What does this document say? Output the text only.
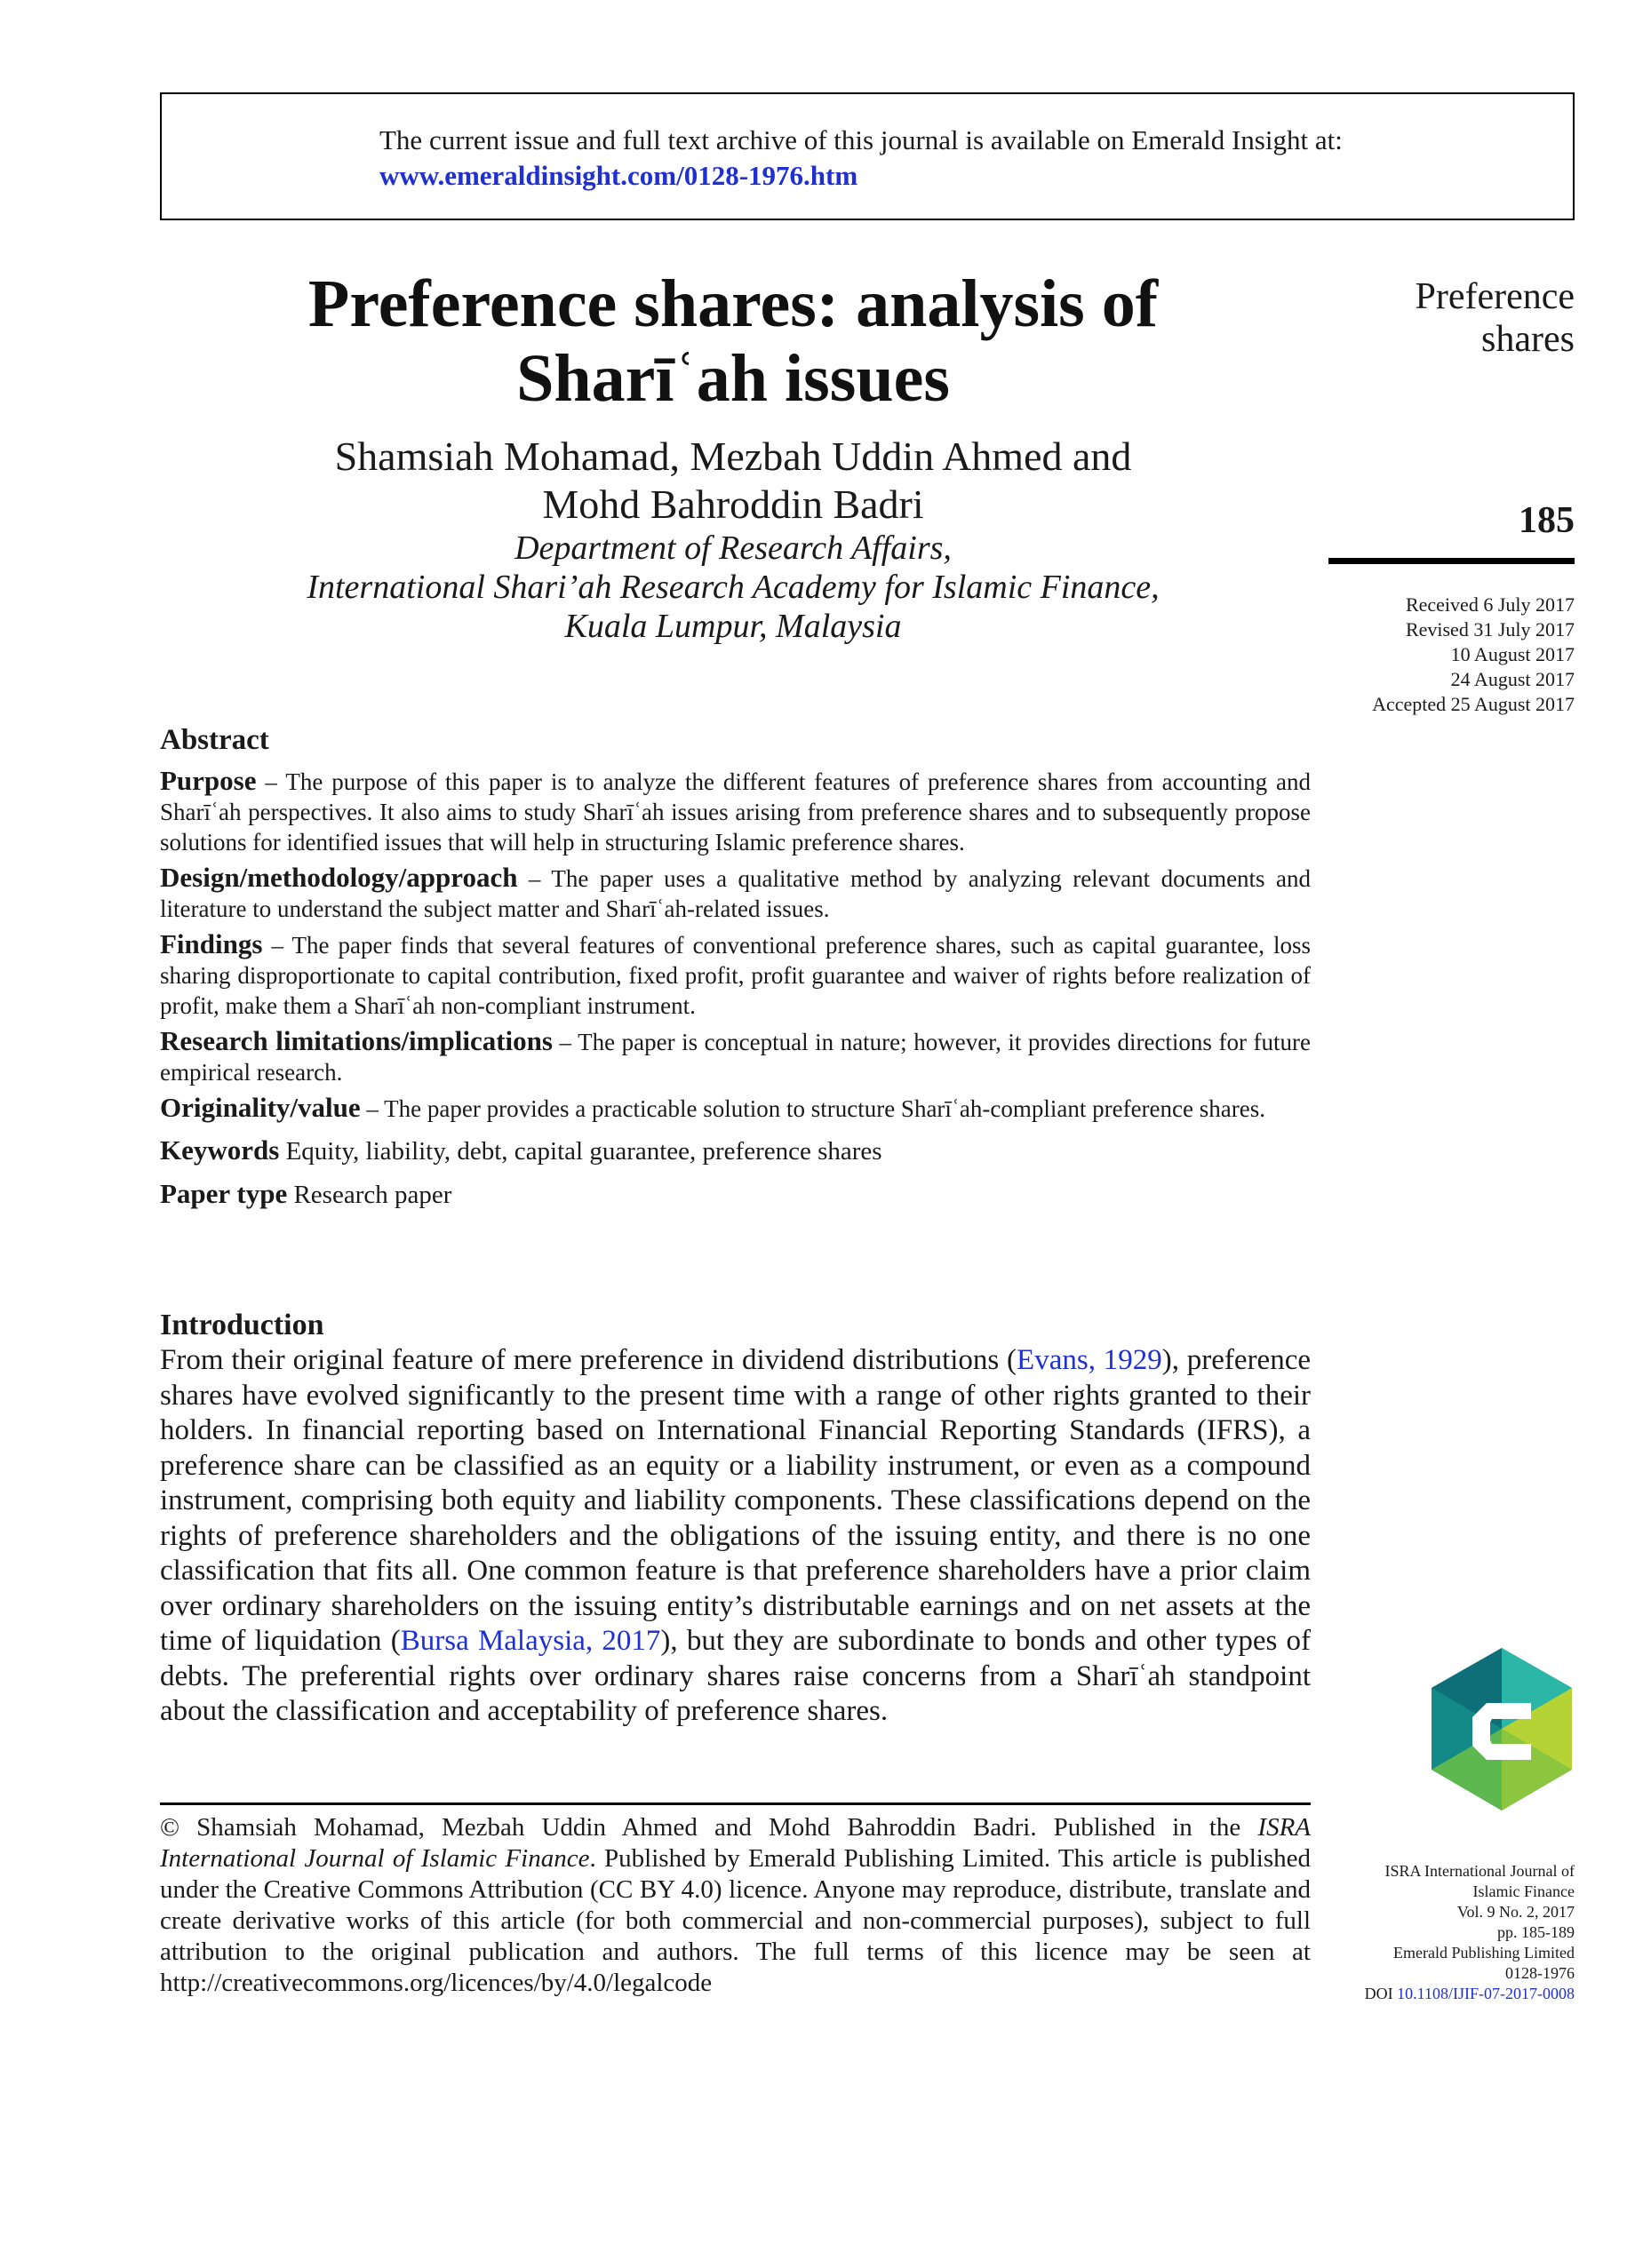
The current issue and full text archive of this journal is available on Emerald Insight at:
www.emeraldinsight.com/0128-1976.htm
Preference shares: analysis of
Sharīʿah issues
Shamsiah Mohamad, Mezbah Uddin Ahmed and
Mohd Bahroddin Badri
Department of Research Affairs,
International Shari’ah Research Academy for Islamic Finance,
Kuala Lumpur, Malaysia
Preference
shares
185
Received 6 July 2017
Revised 31 July 2017
10 August 2017
24 August 2017
Accepted 25 August 2017
Abstract

Purpose – The purpose of this paper is to analyze the different features of preference shares from accounting and Sharīʿah perspectives. It also aims to study Sharīʿah issues arising from preference shares and to subsequently propose solutions for identified issues that will help in structuring Islamic preference shares.

Design/methodology/approach – The paper uses a qualitative method by analyzing relevant documents and literature to understand the subject matter and Sharīʿah-related issues.

Findings – The paper finds that several features of conventional preference shares, such as capital guarantee, loss sharing disproportionate to capital contribution, fixed profit, profit guarantee and waiver of rights before realization of profit, make them a Sharīʿah non-compliant instrument.

Research limitations/implications – The paper is conceptual in nature; however, it provides directions for future empirical research.

Originality/value – The paper provides a practicable solution to structure Sharīʿah-compliant preference shares.

Keywords Equity, liability, debt, capital guarantee, preference shares

Paper type Research paper

Introduction

From their original feature of mere preference in dividend distributions (Evans, 1929), preference shares have evolved significantly to the present time with a range of other rights granted to their holders. In financial reporting based on International Financial Reporting Standards (IFRS), a preference share can be classified as an equity or a liability instrument, or even as a compound instrument, comprising both equity and liability components. These classifications depend on the rights of preference shareholders and the obligations of the issuing entity, and there is no one classification that fits all. One common feature is that preference shareholders have a prior claim over ordinary shareholders on the issuing entity’s distributable earnings and on net assets at the time of liquidation (Bursa Malaysia, 2017), but they are subordinate to bonds and other types of debts. The preferential rights over ordinary shares raise concerns from a Sharīʿah standpoint about the classification and acceptability of preference shares.

© Shamsiah Mohamad, Mezbah Uddin Ahmed and Mohd Bahroddin Badri. Published in the ISRA International Journal of Islamic Finance. Published by Emerald Publishing Limited. This article is published under the Creative Commons Attribution (CC BY 4.0) licence. Anyone may reproduce, distribute, translate and create derivative works of this article (for both commercial and non-commercial purposes), subject to full attribution to the original publication and authors. The full terms of this licence may be seen at http://creativecommons.org/licences/by/4.0/legalcode
ISRA International Journal of
Islamic Finance
Vol. 9 No. 2, 2017
pp. 185-189
Emerald Publishing Limited
0128-1976
DOI 10.1108/IJIF-07-2017-0008
